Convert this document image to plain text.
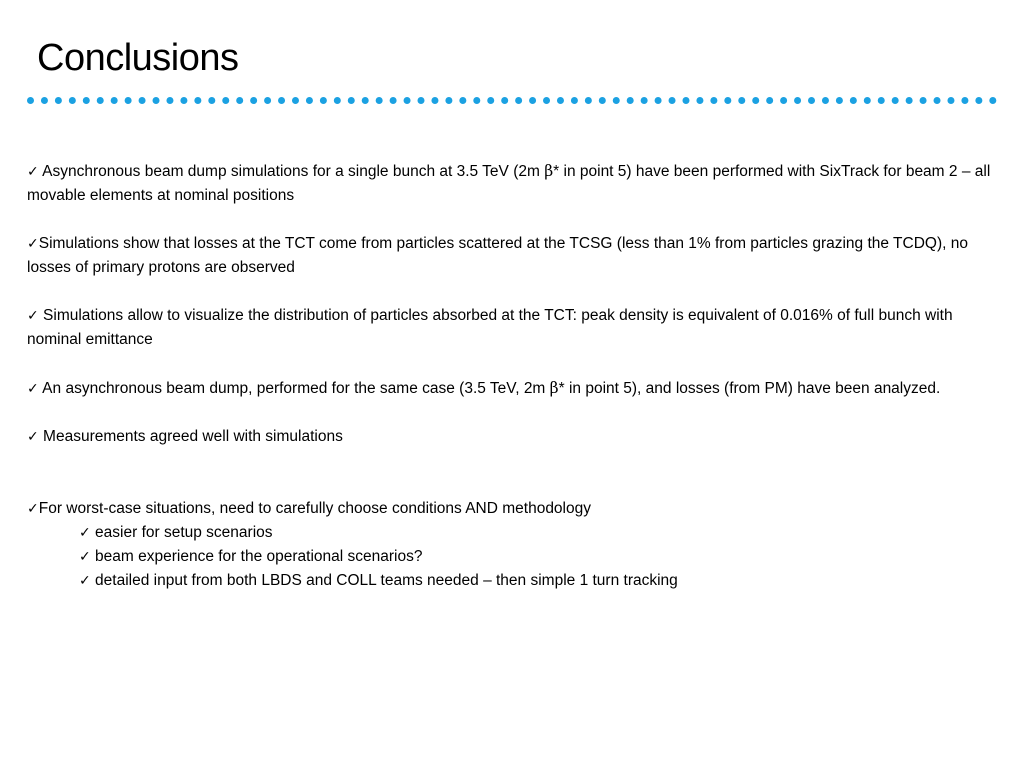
Conclusions

✓ Asynchronous beam dump simulations for a single bunch at 3.5 TeV (2m β* in point 5) have been performed with SixTrack for beam 2 – all movable elements at nominal positions

✓Simulations show that losses at the TCT come from particles scattered at the TCSG (less than 1% from particles grazing the TCDQ), no losses of primary protons are observed

✓ Simulations allow to visualize the distribution of particles absorbed at the TCT: peak density is equivalent of 0.016% of full bunch with nominal emittance

✓ An asynchronous beam dump, performed for the same case (3.5 TeV, 2m β* in point 5), and losses (from PM) have been analyzed.

✓ Measurements agreed well with simulations

✓For worst-case situations, need to carefully choose conditions AND methodology

✓ easier for setup scenarios

✓ beam experience for the operational scenarios?

✓ detailed input from both LBDS and COLL teams needed – then simple 1 turn tracking
